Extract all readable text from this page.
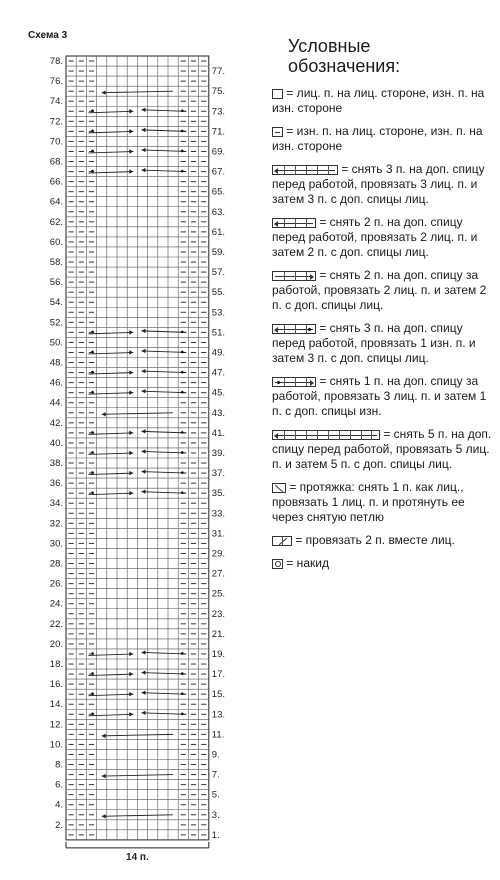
Схема 3
78.
76.
74.
72.
70.
68.
66.
64.
62.
60.
58.
56.
54.
52.
50.
48.
46.
44.
42.
40.
38.
36.
34.
32.
30.
28.
26.
24.
22.
20.
18.
16.
14.
12.
10.
8.
6.
4.
2.
77.
75.
73.
71.
69.
67.
65.
63.
61.
59.
57.
55.
53.
51.
49.
47.
45.
43.
41.
39.
37.
35.
33.
31.
29.
27.
25.
23.
21.
19.
17.
15.
13.
11.
9.
7.
5.
3.
1.
14 п.
Условные
обозначения:
= лиц. п. на лиц. стороне, изн. п. на изн. стороне
= изн. п. на лиц. стороне, изн. п. на изн. стороне
= снять 3 п. на доп. спицу перед работой, провязать 3 лиц. п. и затем 3 п. с доп. спицы лиц.
= снять 2 п. на доп. спицу перед работой, провязать 2 лиц. п. и затем 2 п. с доп. спицы лиц.
= снять 2 п. на доп. спицу за работой, провязать 2 лиц. п. и затем 2 п. с доп. спицы лиц.
= снять 3 п. на доп. спицу перед работой, провязать 1 изн. п. и затем 3 п. с доп. спицы лиц.
= снять 1 п. на доп. спицу за работой, провязать 3 лиц. п. и затем 1 п. с доп. спицы изн.
= снять 5 п. на доп. спицу перед работой, провязать 5 лиц. п. и затем 5 п. с доп. спицы лиц.
= протяжка: снять 1 п. как лиц., провязать 1 лиц. п. и протянуть ее через снятую петлю
= провязать 2 п. вместе лиц.
= накид
